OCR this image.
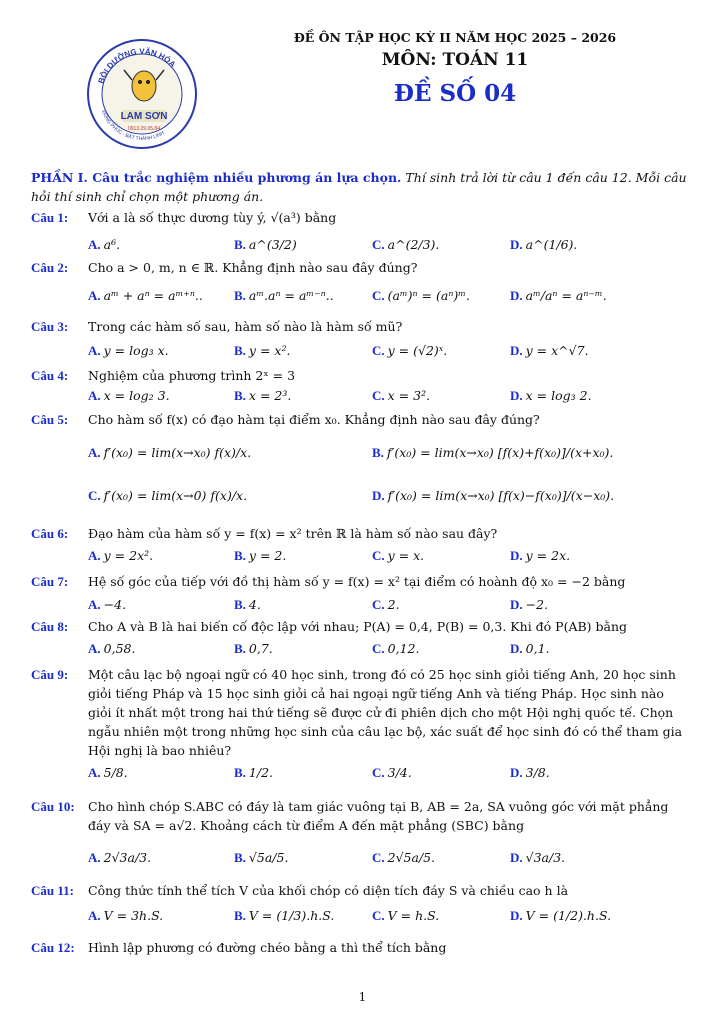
BỒI DƯỠNG VĂN HÓA
ĐỒNG PHÚC - BẮT THÀNH LINH
LAM SƠN
0913.29.05.84
ĐỀ ÔN TẬP HỌC KỲ II NĂM HỌC 2025 – 2026
MÔN: TOÁN 11
ĐỀ SỐ 04
PHẦN I. Câu trắc nghiệm nhiều phương án lựa chọn. Thí sinh trả lời từ câu 1 đến câu 12. Mỗi câu hỏi thí sinh chỉ chọn một phương án.
Câu 1: Với a là số thực dương tùy ý, √(a³) bằng
A. a⁶.	B. a^(3/2)	C. a^(2/3).	D. a^(1/6).
Câu 2: Cho a > 0, m, n ∈ ℝ. Khẳng định nào sau đây đúng?
A. aᵐ + aⁿ = aᵐ⁺ⁿ.. B. aᵐ.aⁿ = aᵐ⁻ⁿ..	C. (aᵐ)ⁿ = (aⁿ)ᵐ.	D. aᵐ/aⁿ = aⁿ⁻ᵐ.
Câu 3: Trong các hàm số sau, hàm số nào là hàm số mũ?
A. y = log₃ x.	B. y = x².	C. y = (√2)ˣ.	D. y = x^√7.
Câu 4: Nghiệm của phương trình 2ˣ = 3
A. x = log₂ 3.	B. x = 2³.	C. x = 3².	D. x = log₃ 2.
Câu 5: Cho hàm số f(x) có đạo hàm tại điểm x₀. Khẳng định nào sau đây đúng?
A. f′(x₀) = lim(x→x₀) f(x)/x.	B. f′(x₀) = lim(x→x₀) [f(x)+f(x₀)]/(x+x₀).
C. f′(x₀) = lim(x→0) f(x)/x.	D. f′(x₀) = lim(x→x₀) [f(x)−f(x₀)]/(x−x₀).
Câu 6: Đạo hàm của hàm số y = f(x) = x² trên ℝ là hàm số nào sau đây?
A. y = 2x².	B. y = 2.	C. y = x.	D. y = 2x.
Câu 7: Hệ số góc của tiếp với đồ thị hàm số y = f(x) = x² tại điểm có hoành độ x₀ = −2 bằng
A. −4.	B. 4.	C. 2.	D. −2.
Câu 8: Cho A và B là hai biến cố độc lập với nhau; P(A) = 0,4, P(B) = 0,3. Khi đó P(AB) bằng
A. 0,58.	B. 0,7.	C. 0,12.	D. 0,1.
Câu 9: Một câu lạc bộ ngoại ngữ có 40 học sinh, trong đó có 25 học sinh giỏi tiếng Anh, 20 học sinh giỏi tiếng Pháp và 15 học sinh giỏi cả hai ngoại ngữ tiếng Anh và tiếng Pháp. Học sinh nào giỏi ít nhất một trong hai thứ tiếng sẽ được cử đi phiên dịch cho một Hội nghị quốc tế. Chọn ngẫu nhiên một trong những học sinh của câu lạc bộ, xác suất để học sinh đó có thể tham gia Hội nghị là bao nhiêu?
A. 5/8.	B. 1/2.	C. 3/4.	D. 3/8.
Câu 10: Cho hình chóp S.ABC có đáy là tam giác vuông tại B, AB = 2a, SA vuông góc với mặt phẳng đáy và SA = a√2. Khoảng cách từ điểm A đến mặt phẳng (SBC) bằng
A. 2√3a/3.	B. √5a/5.	C. 2√5a/5.	D. √3a/3.
Câu 11: Công thức tính thể tích V của khối chóp có diện tích đáy S và chiều cao h là
A. V = 3h.S.	B. V = (1/3).h.S.	C. V = h.S.	D. V = (1/2).h.S.
Câu 12: Hình lập phương có đường chéo bằng a thì thể tích bằng
1
